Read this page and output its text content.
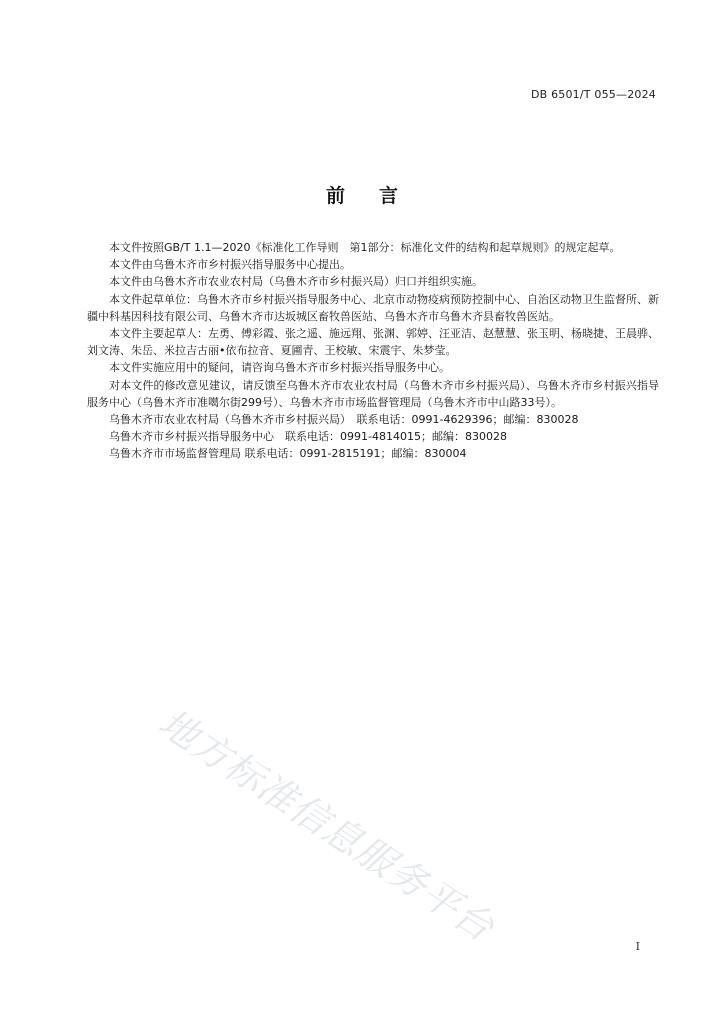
DB 6501/T 055—2024
前言

本文件按照GB/T 1.1—2020《标准化工作导则　第1部分：标准化文件的结构和起草规则》的规定起草。

本文件由乌鲁木齐市乡村振兴指导服务中心提出。

本文件由乌鲁木齐市农业农村局（乌鲁木齐市乡村振兴局）归口并组织实施。

本文件起草单位：乌鲁木齐市乡村振兴指导服务中心、北京市动物疫病预防控制中心、自治区动物卫生监督所、新疆中科基因科技有限公司、乌鲁木齐市达坂城区畜牧兽医站、乌鲁木齐市乌鲁木齐县畜牧兽医站。

本文件主要起草人：左勇、傅彩霞、张之遥、施远翔、张渊、郭婷、汪亚洁、赵慧慧、张玉明、杨晓捷、王晨骅、刘文涛、朱岳、米拉吉古丽•依布拉音、夏圃青、王校敏、宋震宇、朱梦莹。

本文件实施应用中的疑问，请咨询乌鲁木齐市乡村振兴指导服务中心。

对本文件的修改意见建议，请反馈至乌鲁木齐市农业农村局（乌鲁木齐市乡村振兴局）、乌鲁木齐市乡村振兴指导服务中心（乌鲁木齐市准噶尔街299号）、乌鲁木齐市市场监督管理局（乌鲁木齐市中山路33号）。

乌鲁木齐市农业农村局（乌鲁木齐市乡村振兴局）　联系电话：0991-4629396；邮编：830028

乌鲁木齐市乡村振兴指导服务中心　联系电话：0991-4814015；邮编：830028

乌鲁木齐市市场监督管理局 联系电话：0991-2815191；邮编：830004

地方标准信息服务平台	I
